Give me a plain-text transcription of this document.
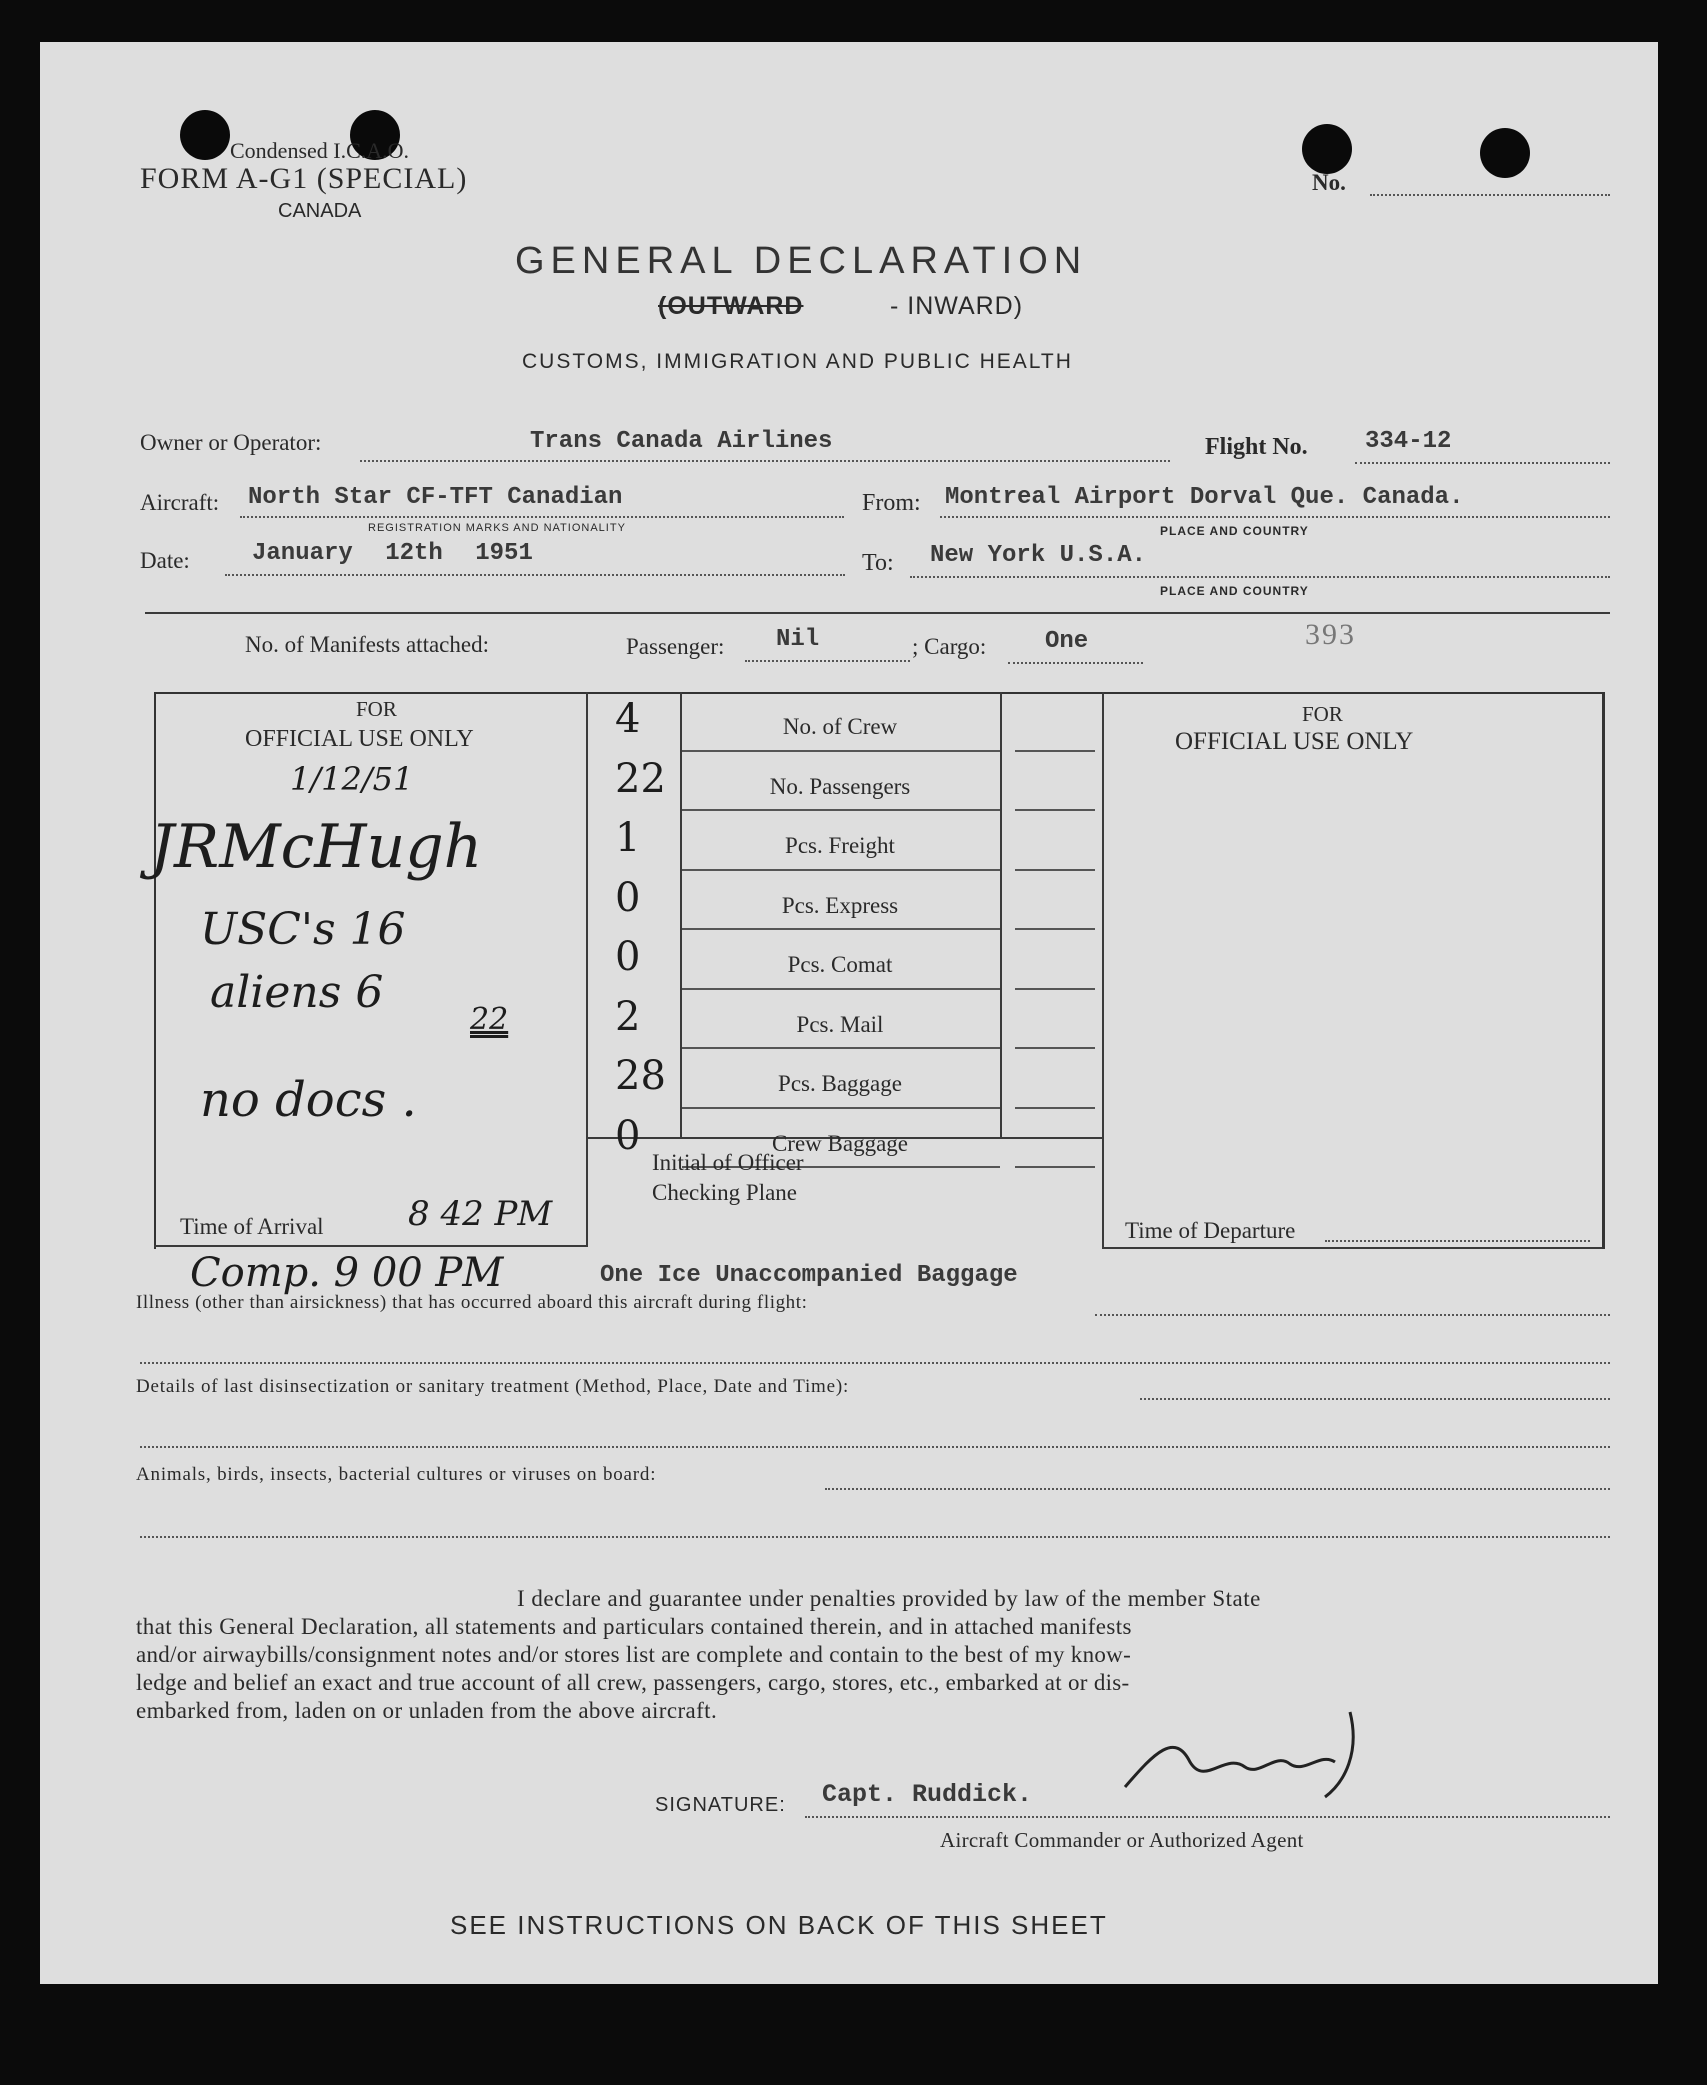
Condensed I.C.A.O.
FORM A-G1 (SPECIAL)
CANADA
No.
GENERAL DECLARATION
(OUTWARD	- INWARD)
CUSTOMS, IMMIGRATION AND PUBLIC HEALTH
Owner or Operator:	Trans Canada Airlines	Flight No. 334-12
Aircraft: North Star CF-TFT Canadian
REGISTRATION MARKS AND NATIONALITY
From: Montreal Airport Dorval Que. Canada.
PLACE AND COUNTRY
Date:	January 12th 1951	To: New York U.S.A.
PLACE AND COUNTRY
No. of Manifests attached:	Passenger: Nil	; Cargo: One	393
FOR
OFFICIAL USE ONLY
1/12/51
JRMcHugh
USC's 16
aliens 6
22
no docs .
Time of Arrival 8 42 PM
Comp. 9 00 PM
4	No. of Crew
22	No. Passengers
1	Pcs. Freight
0	Pcs. Express
0	Pcs. Comat
2	Pcs. Mail
28	Pcs. Baggage
0	Crew Baggage
Initial of Officer
Checking Plane
FOR
OFFICIAL USE ONLY
Time of Departure
One Ice Unaccompanied Baggage
Illness (other than airsickness) that has occurred aboard this aircraft during flight:
Details of last disinsectization or sanitary treatment (Method, Place, Date and Time):
Animals, birds, insects, bacterial cultures or viruses on board:
I declare and guarantee under penalties provided by law of the member State
that this General Declaration, all statements and particulars contained therein, and in attached manifests
and/or airwaybills/consignment notes and/or stores list are complete and contain to the best of my know-
ledge and belief an exact and true account of all crew, passengers, cargo, stores, etc., embarked at or dis-
embarked from, laden on or unladen from the above aircraft.
SIGNATURE: Capt. Ruddick.
Aircraft Commander or Authorized Agent
SEE INSTRUCTIONS ON BACK OF THIS SHEET
